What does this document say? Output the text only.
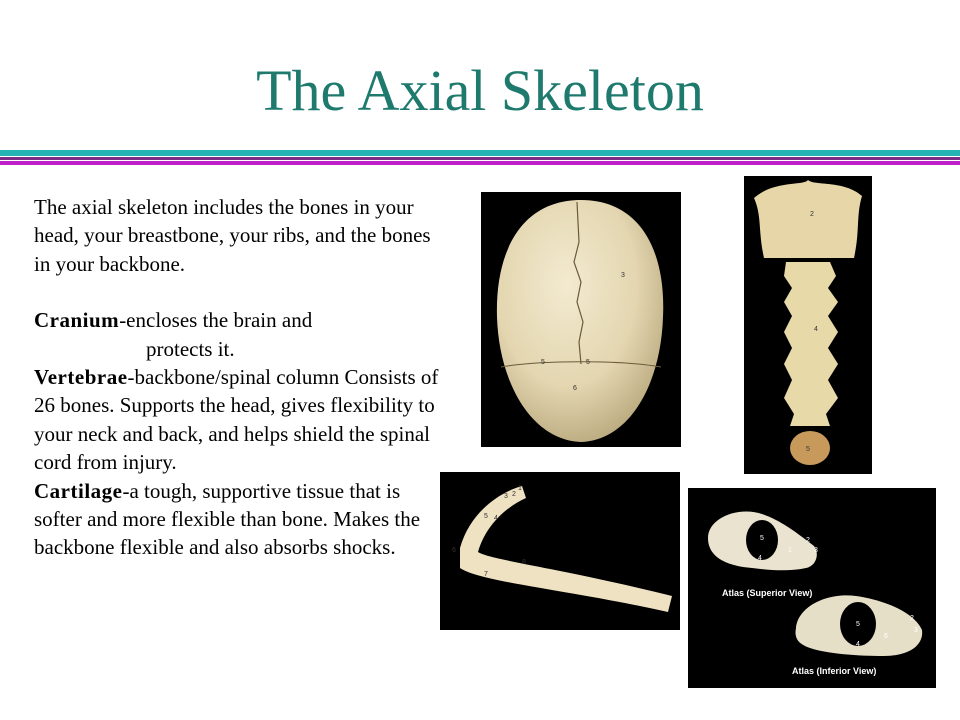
The Axial Skeleton

The axial skeleton includes the bones in your head, your breastbone, your ribs, and the bones in your backbone.

Cranium-encloses the brain and

protects it.

Vertebrae-backbone/spinal column Consists of 26 bones. Supports the head, gives flexibility to your neck and back, and helps shield the spinal cord from injury.

Cartilage-a tough, supportive tissue that is softer and more flexible than bone. Makes the backbone flexible and also absorbs shocks.

3
5	5
6
2
4
5
1
2
3
5 4
6
7
8
5
4
1
2
3
Atlas (Superior View)
5
4
6
2
3
Atlas (Inferior View)
